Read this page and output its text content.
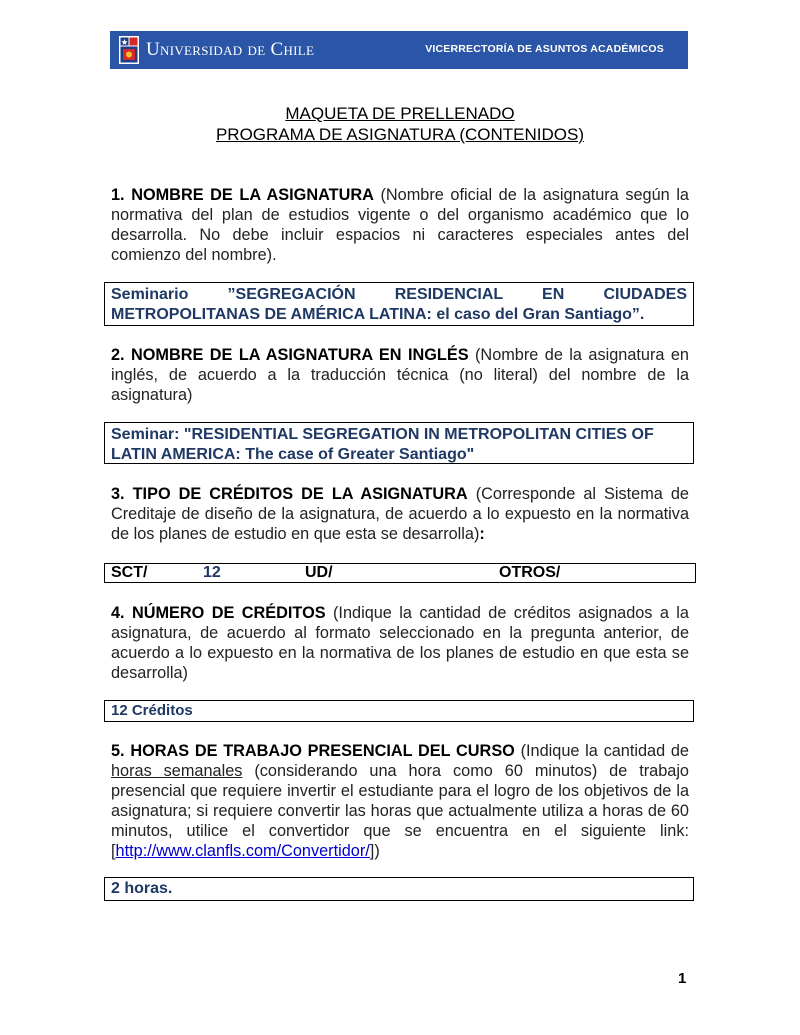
Universidad de Chile	VICERRECTORÍA DE ASUNTOS ACADÉMICOS
MAQUETA DE PRELLENADO
PROGRAMA DE ASIGNATURA (CONTENIDOS)
1. NOMBRE DE LA ASIGNATURA (Nombre oficial de la asignatura según la normativa del plan de estudios vigente o del organismo académico que lo desarrolla. No debe incluir espacios ni caracteres especiales antes del comienzo del nombre).
Seminario ”SEGREGACIÓN RESIDENCIAL EN CIUDADES
METROPOLITANAS DE AMÉRICA LATINA: el caso del Gran Santiago”.
2. NOMBRE DE LA ASIGNATURA EN INGLÉS (Nombre de la asignatura en inglés, de acuerdo a la traducción técnica (no literal) del nombre de la asignatura)
Seminar: "RESIDENTIAL SEGREGATION IN METROPOLITAN CITIES OF LATIN AMERICA: The case of Greater Santiago"
3. TIPO DE CRÉDITOS DE LA ASIGNATURA (Corresponde al Sistema de Creditaje de diseño de la asignatura, de acuerdo a lo expuesto en la normativa de los planes de estudio en que esta se desarrolla):
SCT/	12	UD/	OTROS/
4. NÚMERO DE CRÉDITOS (Indique la cantidad de créditos asignados a la asignatura, de acuerdo al formato seleccionado en la pregunta anterior, de acuerdo a lo expuesto en la normativa de los planes de estudio en que esta se desarrolla)
12 Créditos
5. HORAS DE TRABAJO PRESENCIAL DEL CURSO (Indique la cantidad de horas semanales (considerando una hora como 60 minutos) de trabajo presencial que requiere invertir el estudiante para el logro de los objetivos de la asignatura; si requiere convertir las horas que actualmente utiliza a horas de 60 minutos, utilice el convertidor que se encuentra en el siguiente link: [http://www.clanfls.com/Convertidor/])
2 horas.
1
